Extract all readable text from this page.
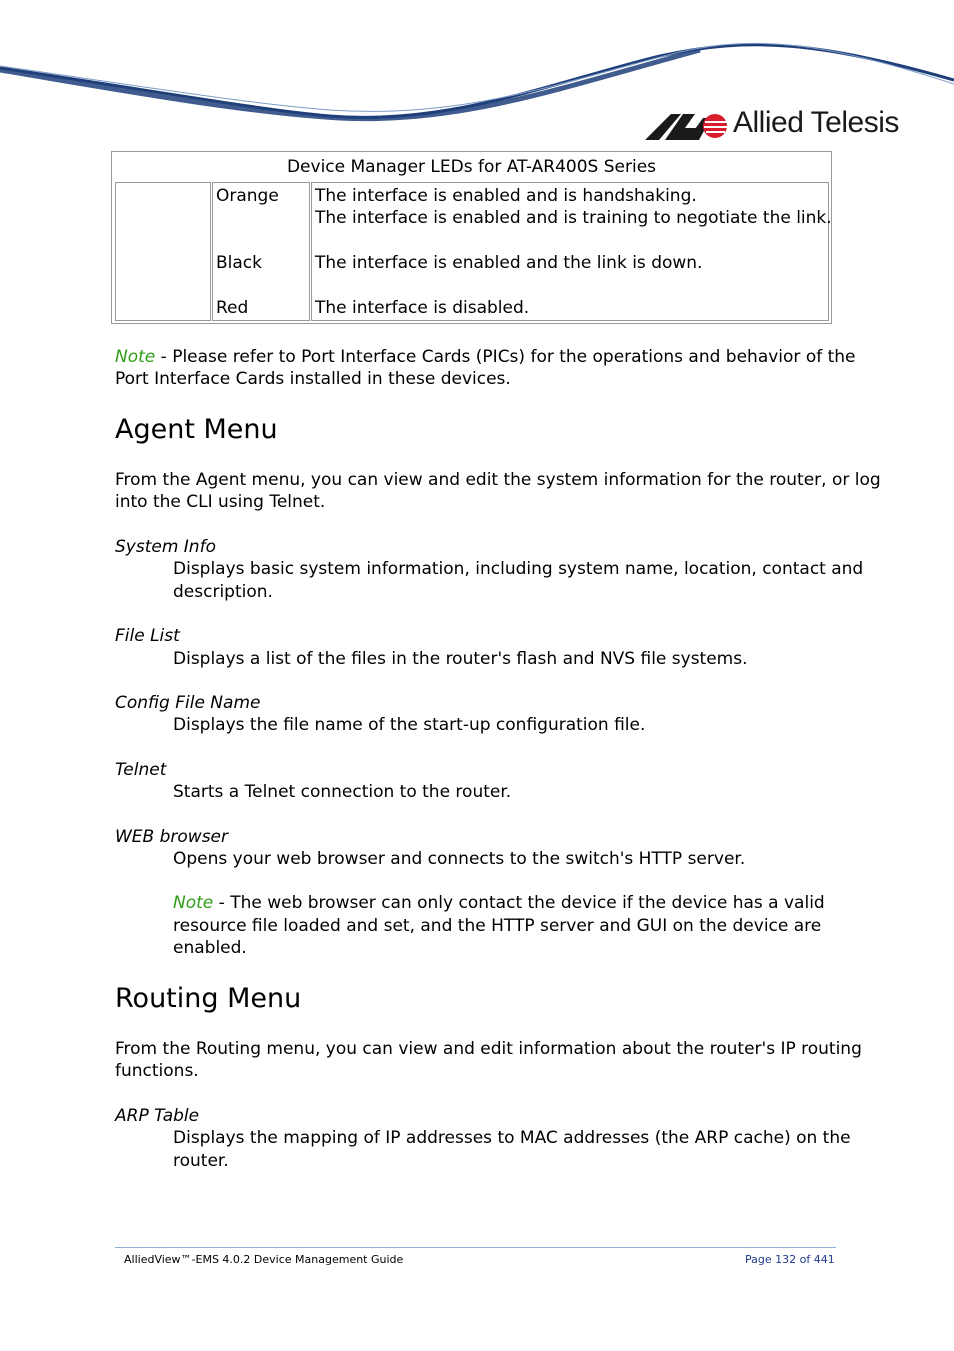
Allied Telesis
Device Manager LEDs for AT-AR400S Series
Orange
Black
Red
The interface is enabled and is handshaking.
The interface is enabled and is training to negotiate the link.
The interface is enabled and the link is down.
The interface is disabled.

Note - Please refer to Port Interface Cards (PICs) for the operations and behavior of the

Port Interface Cards installed in these devices.

Agent Menu

From the Agent menu, you can view and edit the system information for the router, or log

into the CLI using Telnet.

System Info

Displays basic system information, including system name, location, contact and

description.

File List

Displays a list of the files in the router's flash and NVS file systems.

Config File Name

Displays the file name of the start-up configuration file.

Telnet

Starts a Telnet connection to the router.

WEB browser

Opens your web browser and connects to the switch's HTTP server.

Note - The web browser can only contact the device if the device has a valid

resource file loaded and set, and the HTTP server and GUI on the device are

enabled.

Routing Menu

From the Routing menu, you can view and edit information about the router's IP routing

functions.

ARP Table

Displays the mapping of IP addresses to MAC addresses (the ARP cache) on the

router.

AlliedView™-EMS 4.0.2 Device Management Guide	Page 132 of 441
